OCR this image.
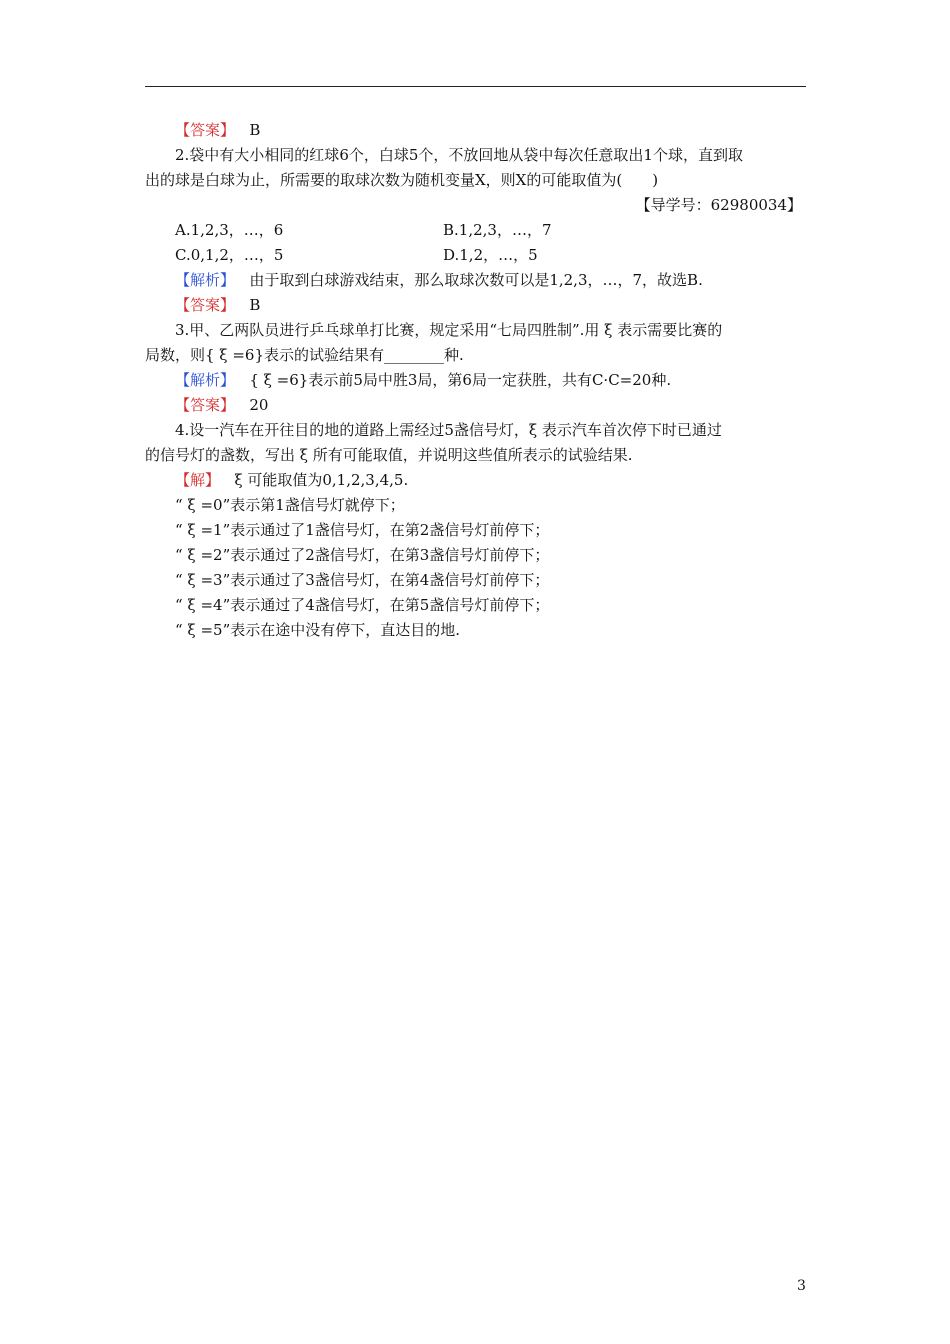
【答案】 B
2.袋中有大小相同的红球6个，白球5个，不放回地从袋中每次任意取出1个球，直到取
出的球是白球为止，所需要的取球次数为随机变量X，则X的可能取值为(　　)
【导学号：62980034】
A.1,2,3，…，6	B.1,2,3，…，7
C.0,1,2，…，5	D.1,2，…，5
【解析】 由于取到白球游戏结束，那么取球次数可以是1,2,3，…，7，故选B.
【答案】 B
3.甲、乙两队员进行乒乓球单打比赛，规定采用“七局四胜制”.用 ξ 表示需要比赛的
局数，则{ ξ =6}表示的试验结果有________种.
【解析】 { ξ =6}表示前5局中胜3局，第6局一定获胜，共有C·C=20种.
【答案】 20
4.设一汽车在开往目的地的道路上需经过5盏信号灯，ξ 表示汽车首次停下时已通过
的信号灯的盏数，写出 ξ 所有可能取值，并说明这些值所表示的试验结果.
【解】 ξ 可能取值为0,1,2,3,4,5.
“ ξ =0”表示第1盏信号灯就停下；
“ ξ =1”表示通过了1盏信号灯，在第2盏信号灯前停下；
“ ξ =2”表示通过了2盏信号灯，在第3盏信号灯前停下；
“ ξ =3”表示通过了3盏信号灯，在第4盏信号灯前停下；
“ ξ =4”表示通过了4盏信号灯，在第5盏信号灯前停下；
“ ξ =5”表示在途中没有停下，直达目的地.
3
